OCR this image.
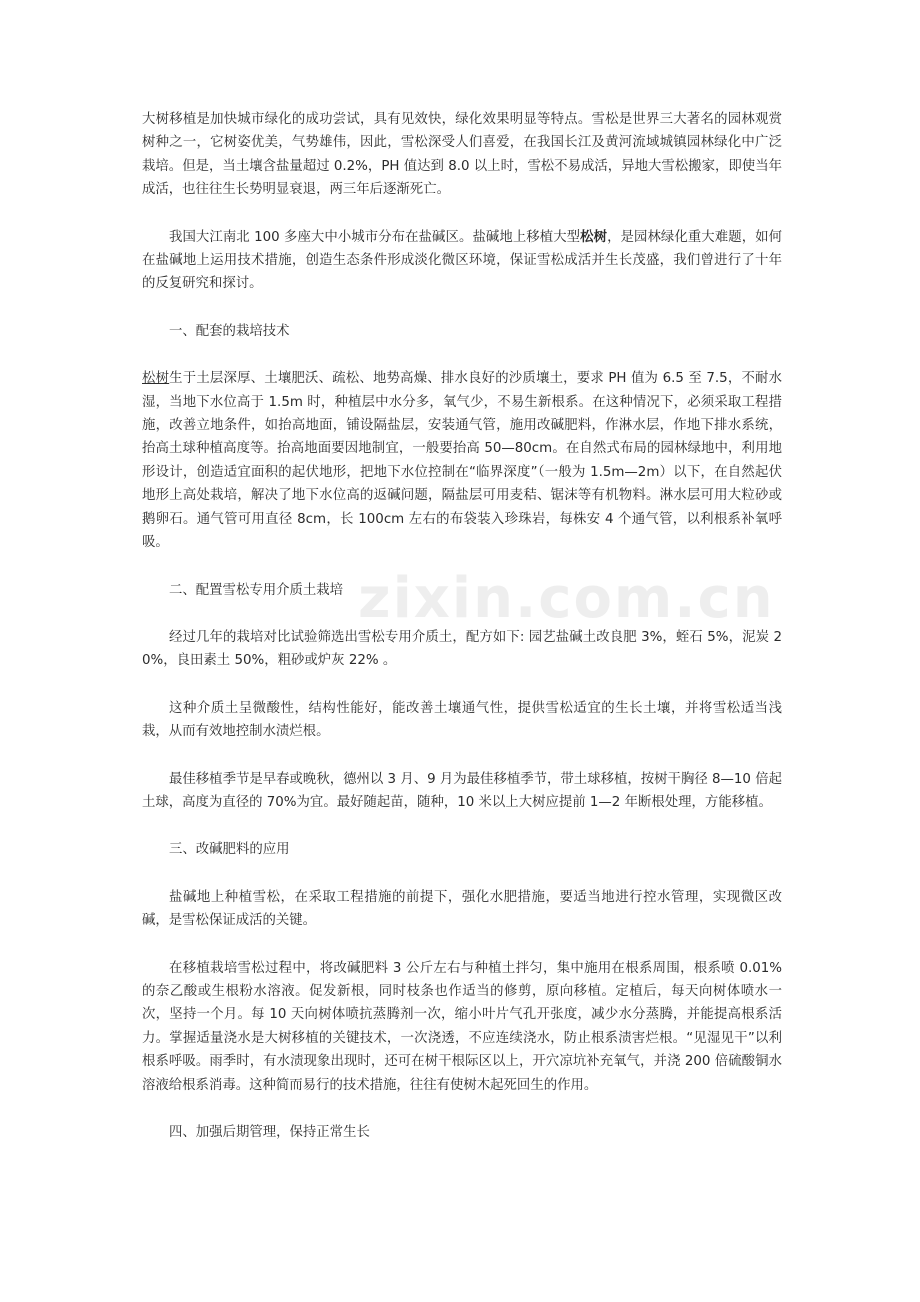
zixin.com.cn

大树移植是加快城市绿化的成功尝试，具有见效快，绿化效果明显等特点。雪松是世界三大著名的园林观赏树种之一，它树姿优美，气势雄伟，因此，雪松深受人们喜爱，在我国长江及黄河流域城镇园林绿化中广泛栽培。但是，当土壤含盐量超过 0.2%，PH 值达到 8.0 以上时，雪松不易成活，异地大雪松搬家，即使当年成活，也往往生长势明显衰退，两三年后逐渐死亡。

我国大江南北 100 多座大中小城市分布在盐碱区。盐碱地上移植大型松树，是园林绿化重大难题，如何在盐碱地上运用技术措施，创造生态条件形成淡化微区环境，保证雪松成活并生长茂盛，我们曾进行了十年的反复研究和探讨。

一、配套的栽培技术

松树生于土层深厚、土壤肥沃、疏松、地势高燥、排水良好的沙质壤土，要求 PH 值为 6.5 至 7.5，不耐水湿，当地下水位高于 1.5m 时，种植层中水分多，氧气少，不易生新根系。在这种情况下，必须采取工程措施，改善立地条件，如抬高地面，铺设隔盐层，安装通气管，施用改碱肥料，作淋水层，作地下排水系统，抬高土球种植高度等。抬高地面要因地制宜，一般要抬高 50—80cm。在自然式布局的园林绿地中，利用地形设计，创造适宜面积的起伏地形，把地下水位控制在“临界深度”（一般为 1.5m—2m）以下，在自然起伏地形上高处栽培，解决了地下水位高的返碱问题，隔盐层可用麦秸、锯沫等有机物料。淋水层可用大粒砂或鹅卵石。通气管可用直径 8cm，长 100cm 左右的布袋装入珍珠岩，每株安 4 个通气管，以利根系补氧呼吸。

二、配置雪松专用介质土栽培

经过几年的栽培对比试验筛选出雪松专用介质土，配方如下: 园艺盐碱土改良肥 3%，蛭石 5%，泥炭 20%，良田素土 50%，粗砂或炉灰 22% 。

这种介质土呈微酸性，结构性能好，能改善土壤通气性，提供雪松适宜的生长土壤，并将雪松适当浅栽，从而有效地控制水渍烂根。

最佳移植季节是早春或晚秋，德州以 3 月、9 月为最佳移植季节，带土球移植，按树干胸径 8—10 倍起土球，高度为直径的 70%为宜。最好随起苗，随种，10 米以上大树应提前 1—2 年断根处理，方能移植。

三、改碱肥料的应用

盐碱地上种植雪松，在采取工程措施的前提下，强化水肥措施，要适当地进行控水管理，实现微区改碱，是雪松保证成活的关键。

在移植栽培雪松过程中，将改碱肥料 3 公斤左右与种植土拌匀，集中施用在根系周围，根系喷 0.01% 的奈乙酸或生根粉水溶液。促发新根，同时枝条也作适当的修剪，原向移植。定植后，每天向树体喷水一次，坚持一个月。每 10 天向树体喷抗蒸腾剂一次，缩小叶片气孔开张度，减少水分蒸腾，并能提高根系活力。掌握适量浇水是大树移植的关键技术，一次浇透，不应连续浇水，防止根系渍害烂根。“见湿见干”以利根系呼吸。雨季时，有水渍现象出现时，还可在树干根际区以上，开穴凉坑补充氧气，并浇 200 倍硫酸铜水溶液给根系消毒。这种简而易行的技术措施，往往有使树木起死回生的作用。

四、加强后期管理，保持正常生长
